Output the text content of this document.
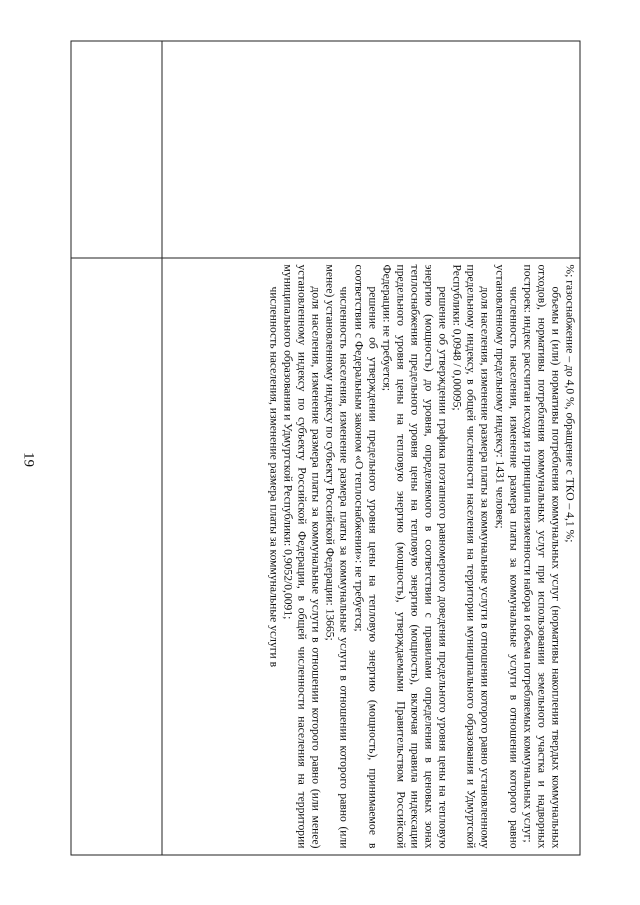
19	%; газоснабжение – до 4,0 %, обращение с ТКО – 4,1 %;

объемы и (или) нормативы потребления коммунальных услуг (нормативы накопления твердых коммунальных отходов), нормативы потребления коммунальных услуг при использовании земельного участка и надворных построек: индекс рассчитан исходя из принципа неизменности набора и объема потребляемых коммунальных услуг;

численность населения, изменение размера платы за коммунальные услуги в отношении которого равно установленному предельному индексу: 1431 человек;

доля населения, изменение размера платы за коммунальные услуги в отношении которого равно установленному предельному индексу, в общей численности населения на территории муниципального образования и Удмуртской Республики: 0,0948 / 0,00095;

решение об утверждении графика поэтапного равномерного доведения предельного уровня цены на тепловую энергию (мощность) до уровня, определяемого в соответствии с правилами определения в ценовых зонах теплоснабжения предельного уровня цены на тепловую энергию (мощность), включая правила индексации предельного уровня цены на тепловую энергию (мощность), утверждаемыми Правительством Российской Федерации: не требуется;

решение об утверждении предельного уровня цены на тепловую энергию (мощность), принимаемое в соответствии с Федеральным законом «О теплоснабжении»: не требуется;

численность населения, изменение размера платы за коммунальные услуги в отношении которого равно (или менее) установленному индексу по субъекту Российской Федерации: 13665;

доля населения, изменение размера платы за коммунальные услуги в отношении которого равно (или менее) установленному индексу по субъекту Российской Федерации, в общей численности населения на территории муниципального образования и Удмуртской Республики: 0,9052/0,0091;

численность населения, изменение размера платы за коммунальные услуги в
